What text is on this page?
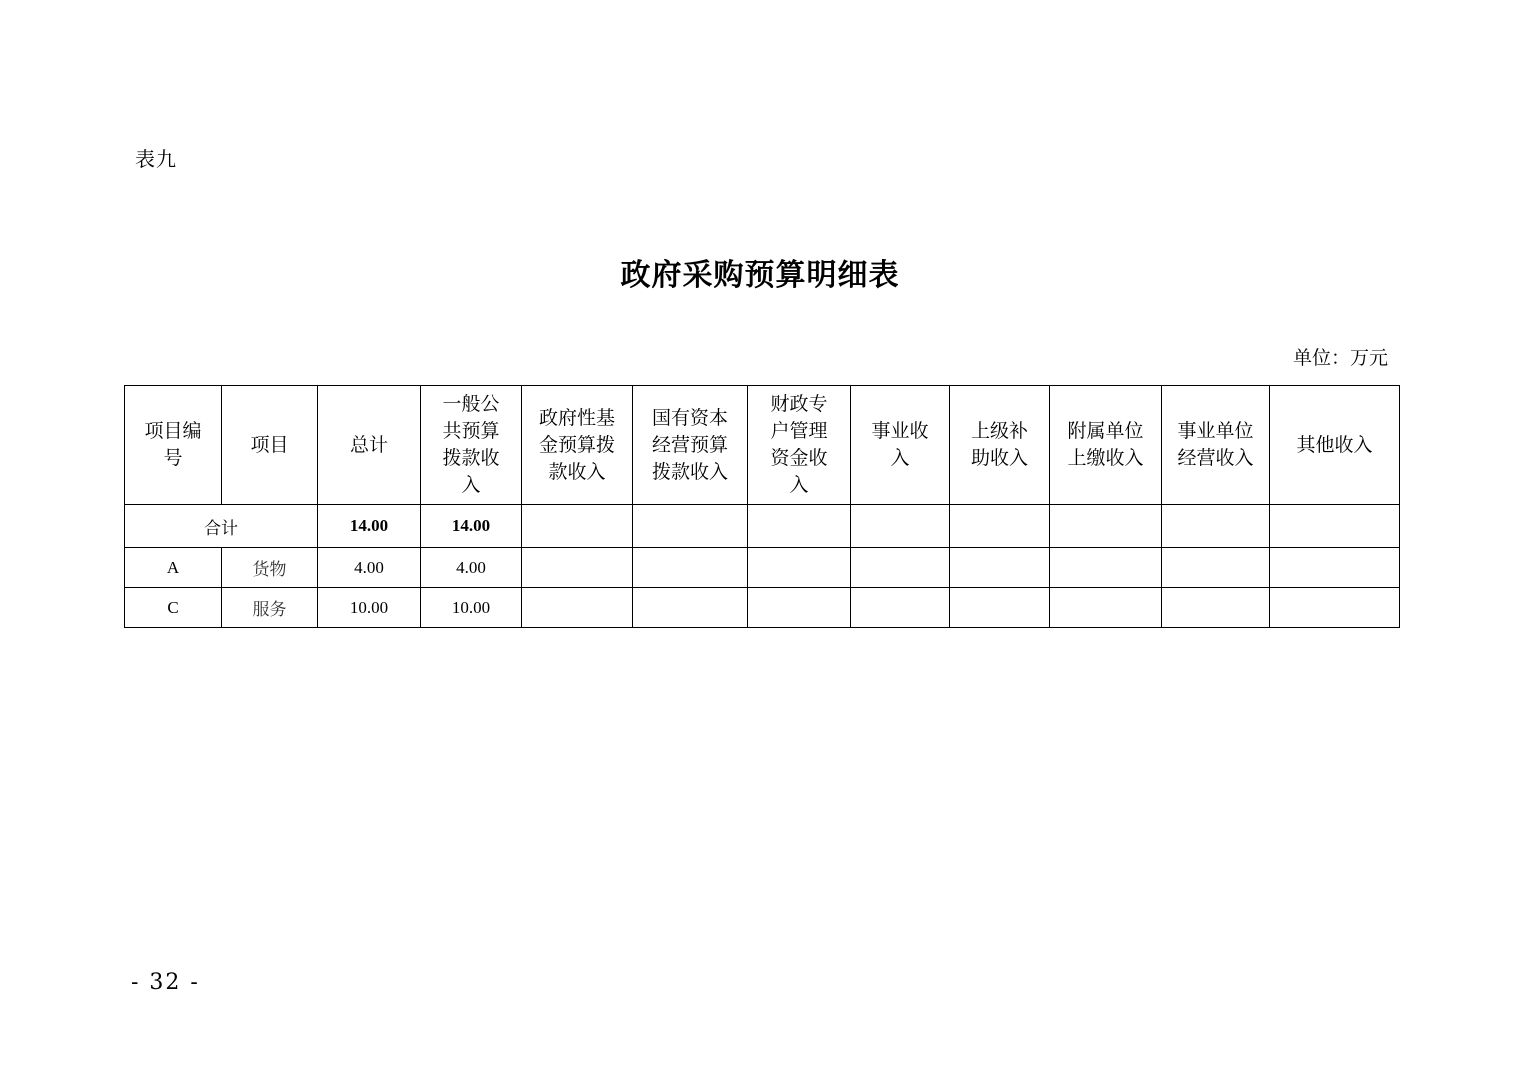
表九
政府采购预算明细表
单位：万元
项目编号	项目	总计	一般公共预算拨款收入	政府性基金预算拨款收入	国有资本经营预算拨款收入	财政专户管理资金收入	事业收入	上级补助收入	附属单位上缴收入	事业单位经营收入	其他收入
合计		14.00	14.00								
A	货物	4.00	4.00								
C	服务	10.00	10.00								
- 32 -
